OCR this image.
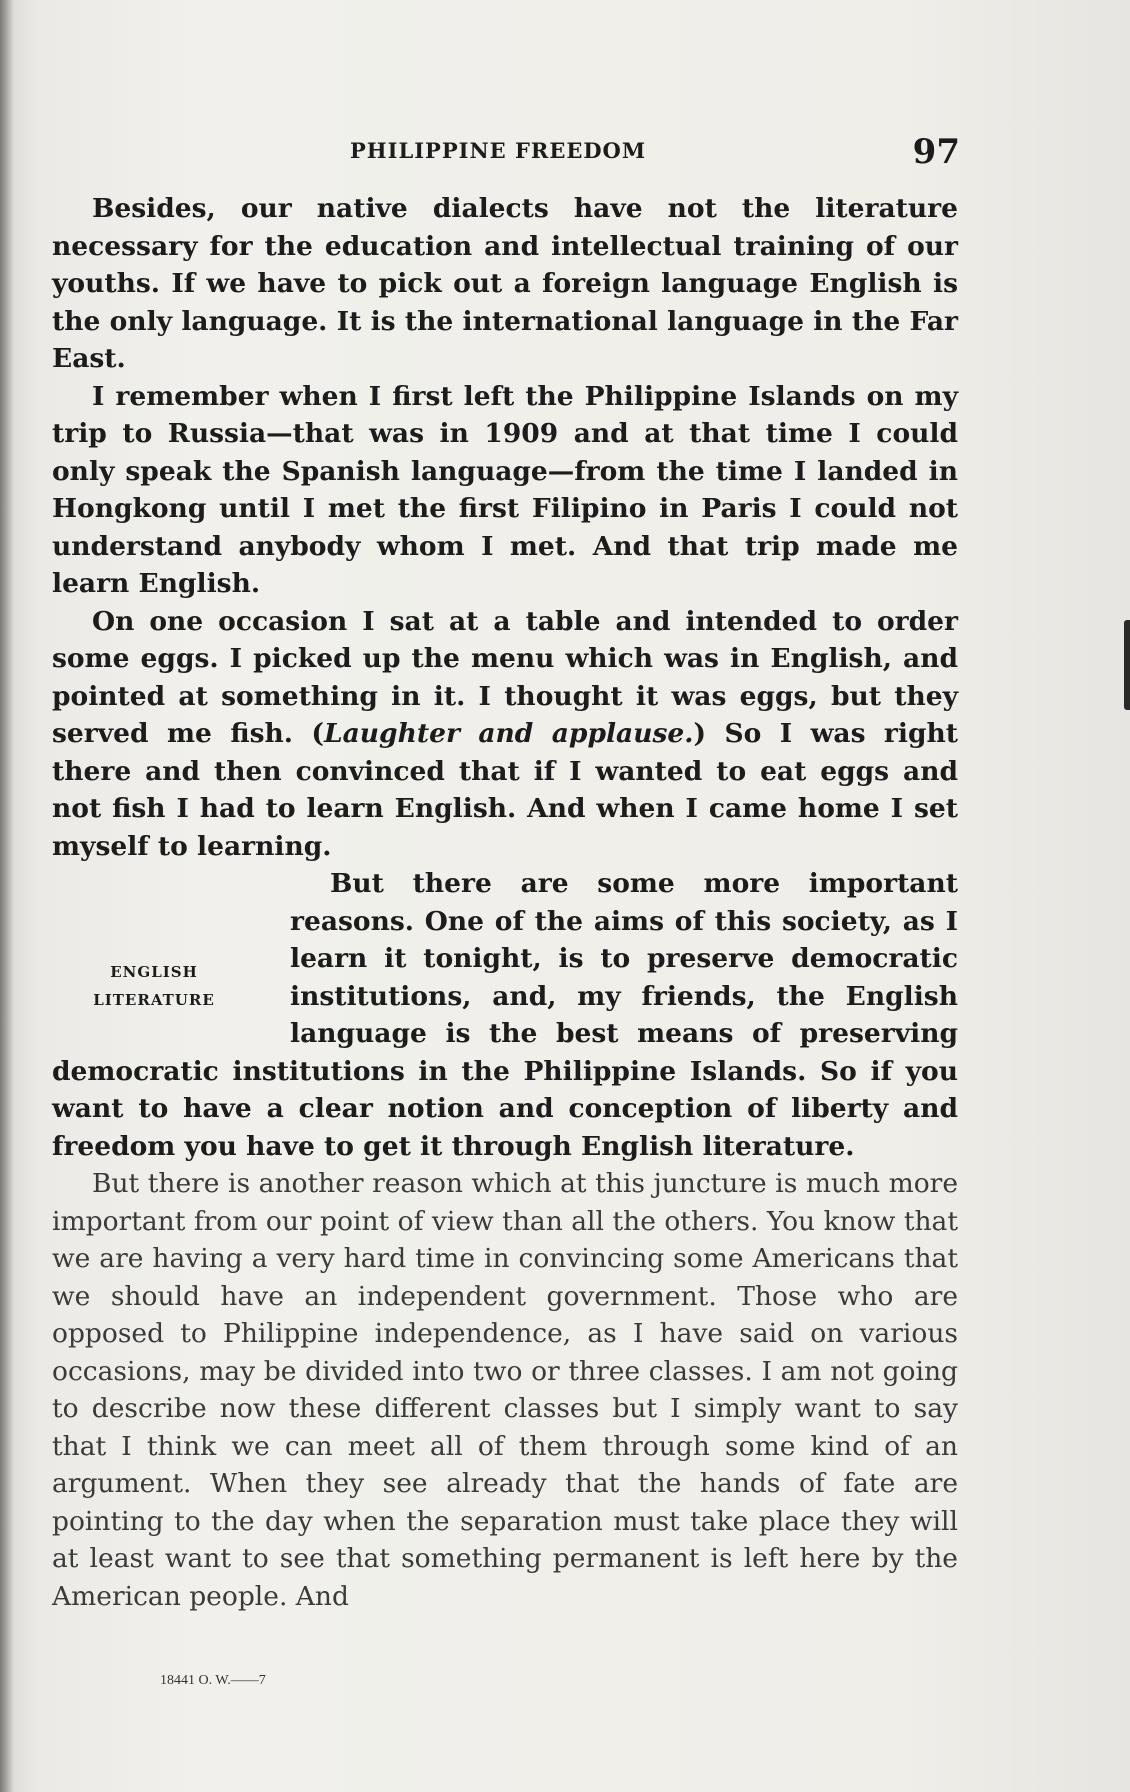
PHILIPPINE FREEDOM	97

Besides, our native dialects have not the literature necessary for the education and intellectual training of our youths. If we have to pick out a foreign language English is the only language. It is the international language in the Far East.

I remember when I first left the Philippine Islands on my trip to Russia—that was in 1909 and at that time I could only speak the Spanish language—from the time I landed in Hongkong until I met the first Filipino in Paris I could not understand anybody whom I met. And that trip made me learn English.

On one occasion I sat at a table and intended to order some eggs. I picked up the menu which was in English, and pointed at something in it. I thought it was eggs, but they served me fish. (Laughter and applause.) So I was right there and then convinced that if I wanted to eat eggs and not fish I had to learn English. And when I came home I set myself to learning.

ENGLISH
LITERATURE
But there are some more important reasons. One of the aims of this society, as I learn it tonight, is to preserve democratic institutions, and, my friends, the English language is the best means of preserving democratic institutions in the Philippine Islands. So if you want to have a clear notion and conception of liberty and freedom you have to get it through English literature.

But there is another reason which at this juncture is much more important from our point of view than all the others. You know that we are having a very hard time in convincing some Americans that we should have an independent government. Those who are opposed to Philippine independence, as I have said on various occasions, may be divided into two or three classes. I am not going to describe now these different classes but I simply want to say that I think we can meet all of them through some kind of an argument. When they see already that the hands of fate are pointing to the day when the separation must take place they will at least want to see that something permanent is left here by the American people. And

18441 O. W.——7
